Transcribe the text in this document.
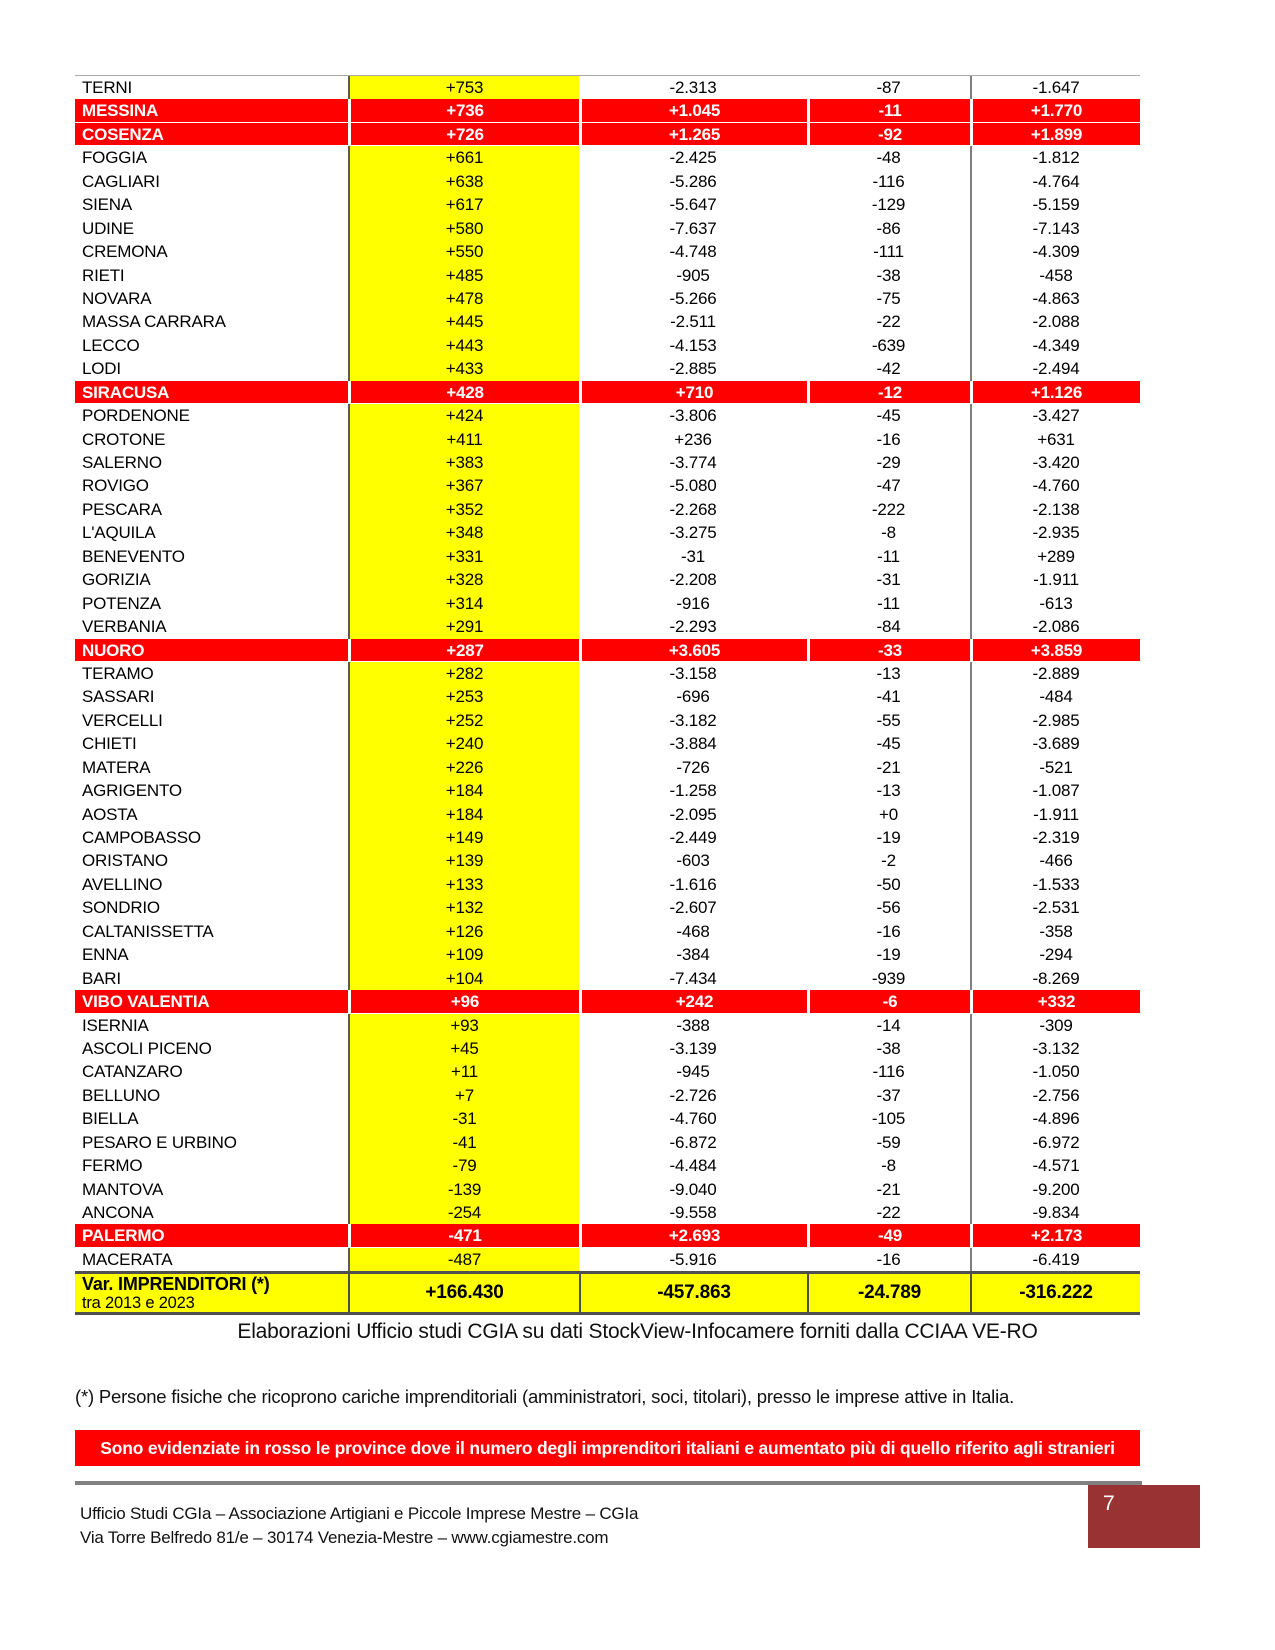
TERNI	+753	-2.313	-87	-1.647
MESSINA	+736	+1.045	-11	+1.770
COSENZA	+726	+1.265	-92	+1.899
FOGGIA	+661	-2.425	-48	-1.812
CAGLIARI	+638	-5.286	-116	-4.764
SIENA	+617	-5.647	-129	-5.159
UDINE	+580	-7.637	-86	-7.143
CREMONA	+550	-4.748	-111	-4.309
RIETI	+485	-905	-38	-458
NOVARA	+478	-5.266	-75	-4.863
MASSA CARRARA	+445	-2.511	-22	-2.088
LECCO	+443	-4.153	-639	-4.349
LODI	+433	-2.885	-42	-2.494
SIRACUSA	+428	+710	-12	+1.126
PORDENONE	+424	-3.806	-45	-3.427
CROTONE	+411	+236	-16	+631
SALERNO	+383	-3.774	-29	-3.420
ROVIGO	+367	-5.080	-47	-4.760
PESCARA	+352	-2.268	-222	-2.138
L'AQUILA	+348	-3.275	-8	-2.935
BENEVENTO	+331	-31	-11	+289
GORIZIA	+328	-2.208	-31	-1.911
POTENZA	+314	-916	-11	-613
VERBANIA	+291	-2.293	-84	-2.086
NUORO	+287	+3.605	-33	+3.859
TERAMO	+282	-3.158	-13	-2.889
SASSARI	+253	-696	-41	-484
VERCELLI	+252	-3.182	-55	-2.985
CHIETI	+240	-3.884	-45	-3.689
MATERA	+226	-726	-21	-521
AGRIGENTO	+184	-1.258	-13	-1.087
AOSTA	+184	-2.095	+0	-1.911
CAMPOBASSO	+149	-2.449	-19	-2.319
ORISTANO	+139	-603	-2	-466
AVELLINO	+133	-1.616	-50	-1.533
SONDRIO	+132	-2.607	-56	-2.531
CALTANISSETTA	+126	-468	-16	-358
ENNA	+109	-384	-19	-294
BARI	+104	-7.434	-939	-8.269
VIBO VALENTIA	+96	+242	-6	+332
ISERNIA	+93	-388	-14	-309
ASCOLI PICENO	+45	-3.139	-38	-3.132
CATANZARO	+11	-945	-116	-1.050
BELLUNO	+7	-2.726	-37	-2.756
BIELLA	-31	-4.760	-105	-4.896
PESARO E URBINO	-41	-6.872	-59	-6.972
FERMO	-79	-4.484	-8	-4.571
MANTOVA	-139	-9.040	-21	-9.200
ANCONA	-254	-9.558	-22	-9.834
PALERMO	-471	+2.693	-49	+2.173
MACERATA	-487	-5.916	-16	-6.419
Var. IMPRENDITORI (*)
tra 2013 e 2023	+166.430	-457.863	-24.789	-316.222
Elaborazioni Ufficio studi CGIA su dati StockView-Infocamere forniti dalla CCIAA VE-RO
(*) Persone fisiche che ricoprono cariche imprenditoriali (amministratori, soci, titolari), presso le imprese attive in Italia.
Sono evidenziate in rosso le province dove il numero degli imprenditori italiani e aumentato più di quello riferito agli stranieri
Ufficio Studi CGIa – Associazione Artigiani e Piccole Imprese Mestre – CGIa
Via Torre Belfredo 81/e – 30174 Venezia-Mestre – www.cgiamestre.com
7
